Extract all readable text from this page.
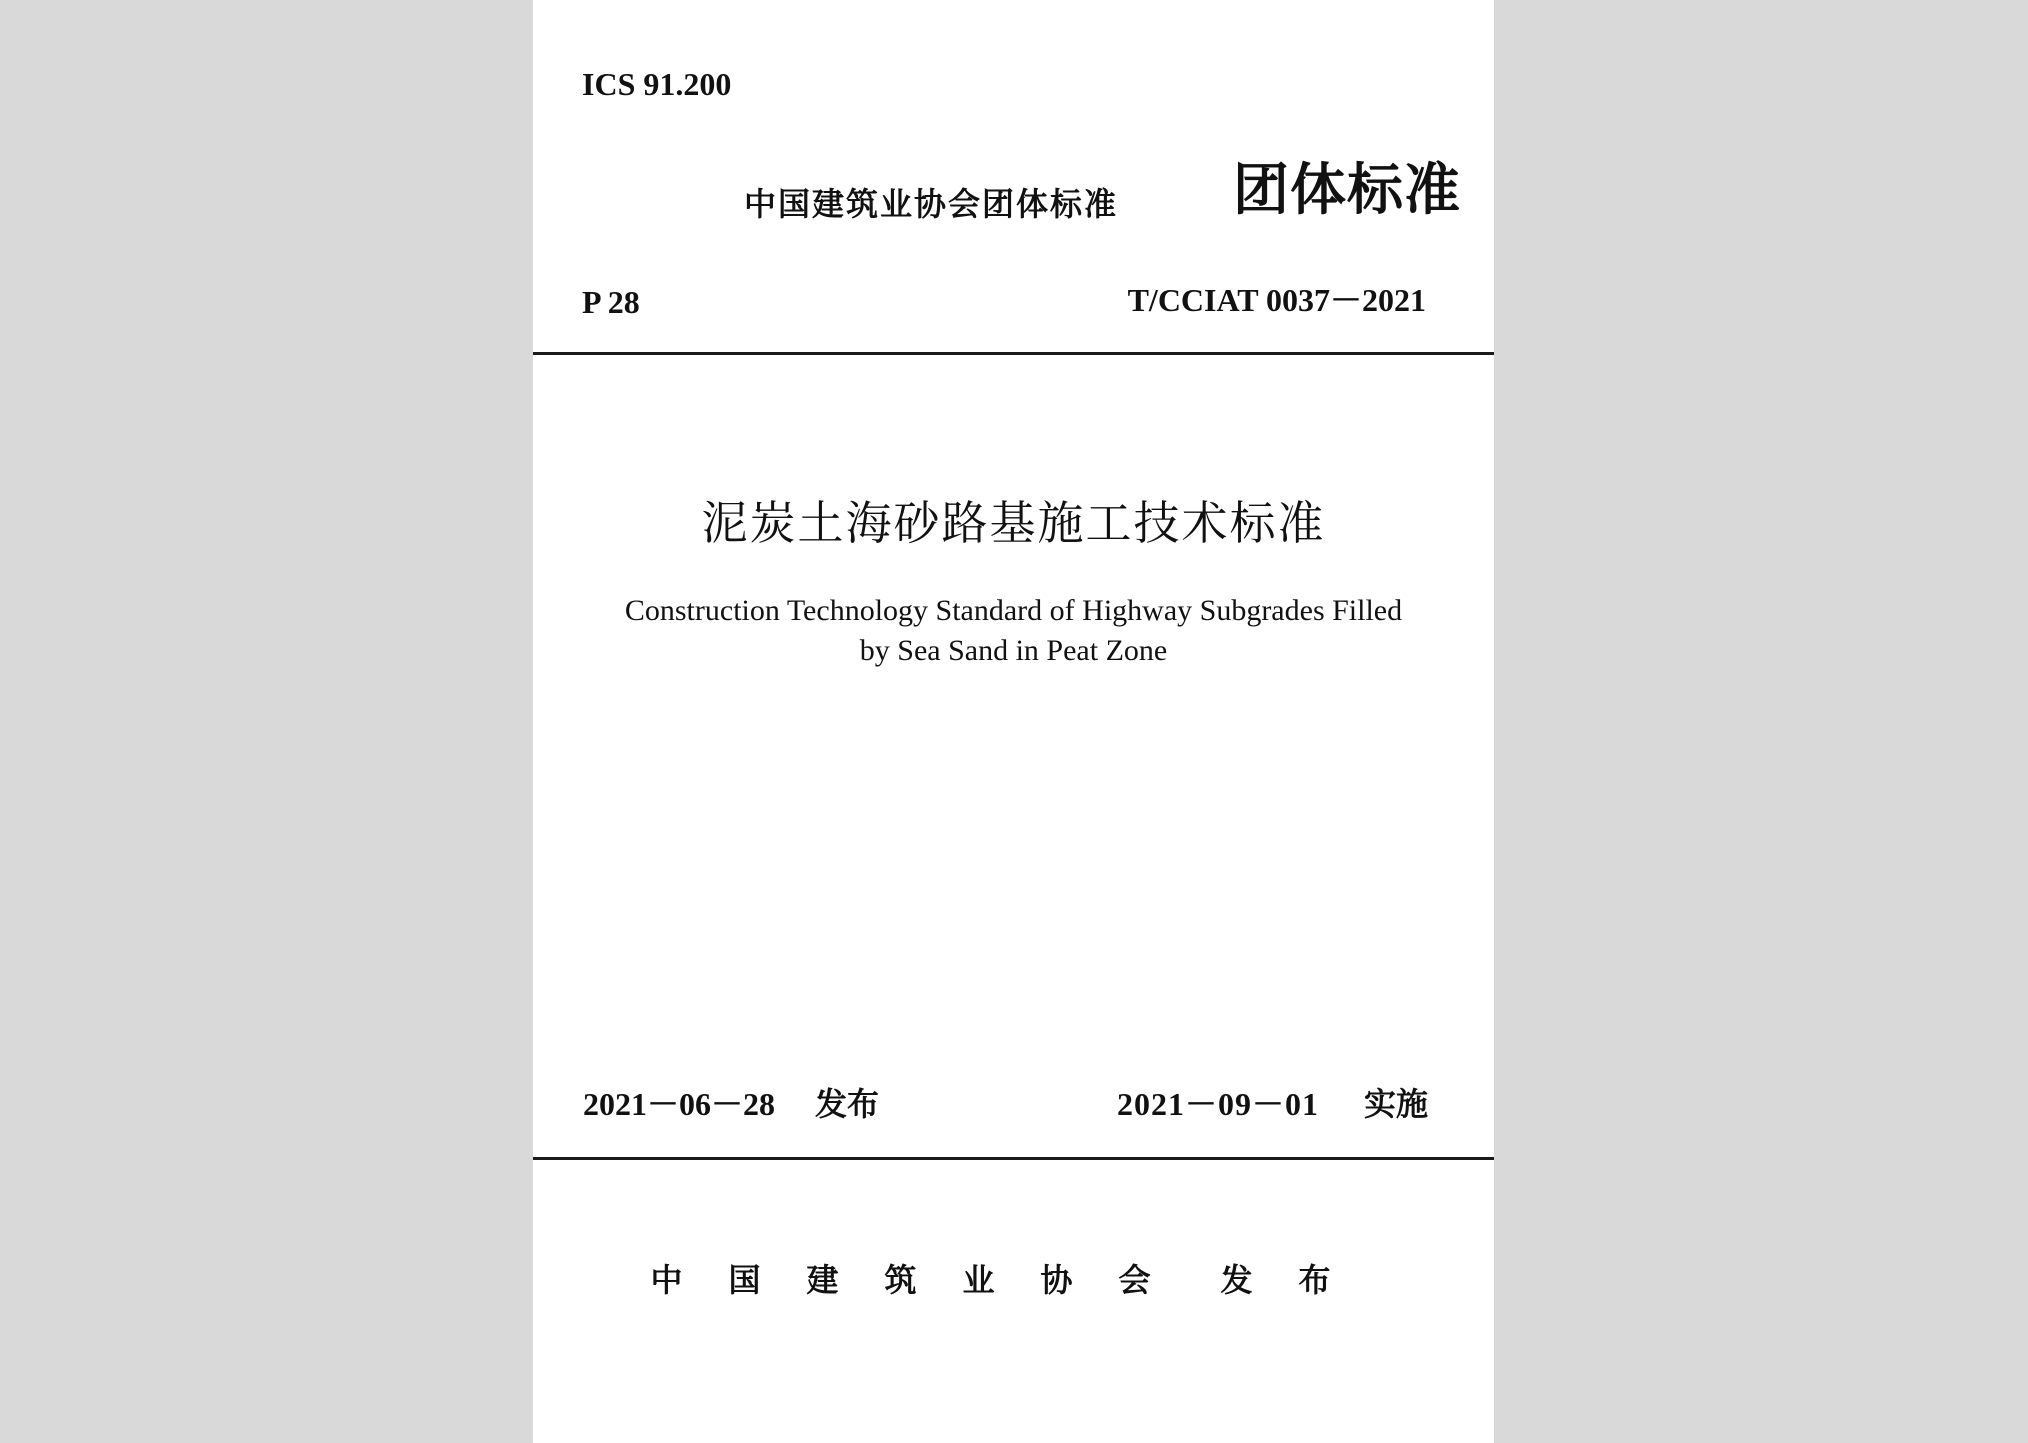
ICS 91.200
中国建筑业协会团体标准 团体标准
P 28	T/CCIAT 0037－2021
泥炭土海砂路基施工技术标准
Construction Technology Standard of Highway Subgrades Filled
by Sea Sand in Peat Zone
2021－06－28 发布	2021－09－01 实施
中国建筑业协会 发布
